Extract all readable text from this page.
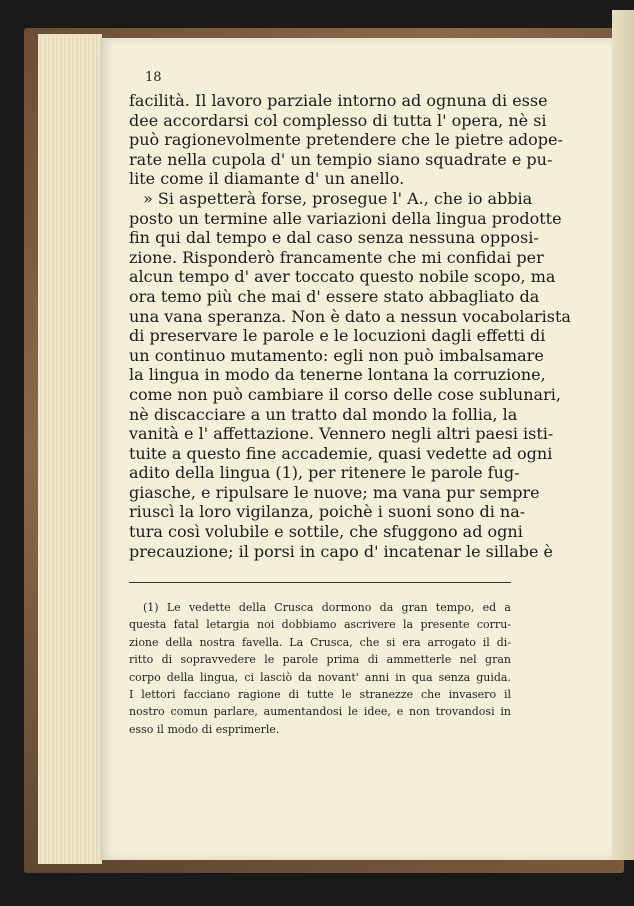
18
facilità. Il lavoro parziale intorno ad ognuna di esse
dee accordarsi col complesso di tutta l' opera, nè si
può ragionevolmente pretendere che le pietre adope-
rate nella cupola d' un tempio siano squadrate e pu-
lite come il diamante d' un anello.
» Si aspetterà forse, prosegue l' A., che io abbia
posto un termine alle variazioni della lingua prodotte
fin qui dal tempo e dal caso senza nessuna opposi-
zione. Risponderò francamente che mi confidai per
alcun tempo d' aver toccato questo nobile scopo, ma
ora temo più che mai d' essere stato abbagliato da
una vana speranza. Non è dato a nessun vocabolarista
di preservare le parole e le locuzioni dagli effetti di
un continuo mutamento: egli non può imbalsamare
la lingua in modo da tenerne lontana la corruzione,
come non può cambiare il corso delle cose sublunari,
nè discacciare a un tratto dal mondo la follia, la
vanità e l' affettazione. Vennero negli altri paesi isti-
tuite a questo fine accademie, quasi vedette ad ogni
adito della lingua (1), per ritenere le parole fug-
giasche, e ripulsare le nuove; ma vana pur sempre
riuscì la loro vigilanza, poichè i suoni sono di na-
tura così volubile e sottile, che sfuggono ad ogni
precauzione; il porsi in capo d' incatenar le sillabe è
(1) Le vedette della Crusca dormono da gran tempo, ed a
questa fatal letargia noi dobbiamo ascrivere la presente corru-
zione della nostra favella. La Crusca, che si era arrogato il di-
ritto di sopravvedere le parole prima di ammetterle nel gran
corpo della lingua, ci lasciò da novant' anni in qua senza guida.
I lettori facciano ragione di tutte le stranezze che invasero il
nostro comun parlare, aumentandosi le idee, e non trovandosi in
esso il modo di esprimerle.
